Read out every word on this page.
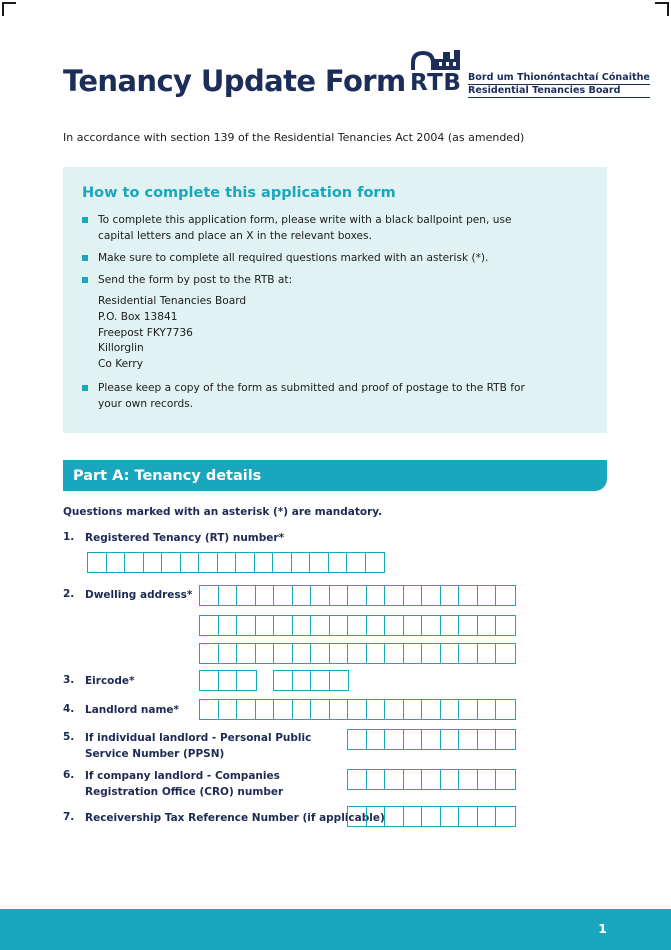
Tenancy Update Form RTB Bord um Thionóntachtaí Cónaithe
Residential Tenancies Board

In accordance with section 139 of the Residential Tenancies Act 2004 (as amended)

How to complete this application form
To complete this application form, please write with a black ballpoint pen, use capital letters and place an X in the relevant boxes.
Make sure to complete all required questions marked with an asterisk (*).
Send the form by post to the RTB at:
Residential Tenancies Board
P.O. Box 13841
Freepost FKY7736
Killorglin
Co Kerry
Please keep a copy of the form as submitted and proof of postage to the RTB for your own records.
Part A: Tenancy details

Questions marked with an asterisk (*) are mandatory.

1. Registered Tenancy (RT) number*
2. Dwelling address*
3. Eircode*
4. Landlord name*
5. If individual landlord - Personal Public
Service Number (PPSN)
6. If company landlord - Companies
Registration Office (CRO) number
7. Receivership Tax Reference Number (if applicable)
1
